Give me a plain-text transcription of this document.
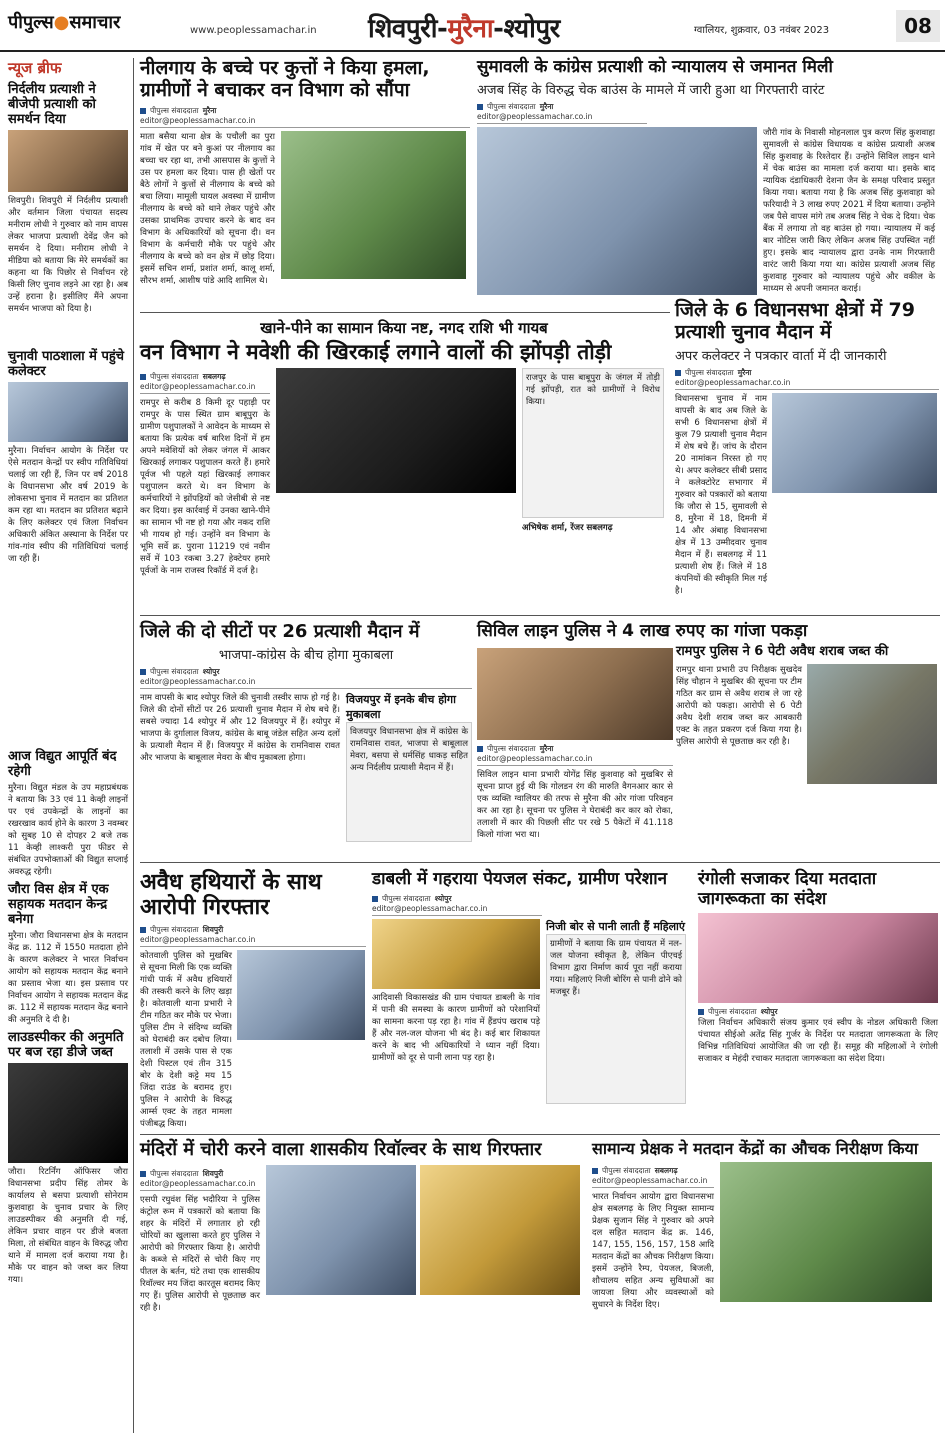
पीपुल्स●समाचार	www.peoplessamachar.in शिवपुरी-मुरैना-श्योपुर	ग्वालियर, शुक्रवार, 03 नवंबर 2023	08
न्यूज ब्रीफ
निर्दलीय प्रत्याशी ने बीजेपी प्रत्याशी को समर्थन दिया
शिवपुरी। शिवपुरी में निर्दलीय प्रत्याशी और वर्तमान जिला पंचायत सदस्य मनीराम लोधी ने गुरुवार को नाम वापस लेकर भाजपा प्रत्याशी देवेंद्र जैन को समर्थन दे दिया। मनीराम लोधी ने मीडिया को बताया कि मेरे समर्थकों का कहना था कि पिछोर से निर्वाचन रहे किसी लिए चुनाव लड़ने आ रहा है। अब उन्हें हराना है। इसीलिए मैंने अपना समर्थन भाजपा को दिया है।
चुनावी पाठशाला में पहुंचे कलेक्टर
मुरैना। निर्वाचन आयोग के निर्देश पर ऐसे मतदान केन्द्रों पर स्वीप गतिविधियां चलाई जा रही हैं, जिन पर वर्ष 2018 के विधानसभा और वर्ष 2019 के लोकसभा चुनाव में मतदान का प्रतिशत कम रहा था। मतदान का प्रतिशत बढ़ाने के लिए कलेक्टर एवं जिला निर्वाचन अधिकारी अंकित अस्थाना के निर्देश पर गांव-गांव स्वीप की गतिविधियां चलाई जा रही हैं।
आज विद्युत आपूर्ति बंद रहेगी
मुरैना। विद्युत मंडल के उप महाप्रबंधक ने बताया कि 33 एवं 11 केव्ही लाइनों पर एवं उपकेन्द्रों के लाइनों का रखरखाव कार्य होने के कारण 3 नवम्बर को सुबह 10 से दोपहर 2 बजे तक 11 केव्ही लाश्करी पुरा फीडर से संबंधित उपभोक्ताओं की विद्युत सप्लाई अवरुद्ध रहेगी।
जौरा विस क्षेत्र में एक सहायक मतदान केन्द्र बनेगा
मुरैना। जौरा विधानसभा क्षेत्र के मतदान केंद्र क्र. 112 में 1550 मतदाता होने के कारण कलेक्टर ने भारत निर्वाचन आयोग को सहायक मतदान केंद्र बनाने का प्रस्ताव भेजा था। इस प्रस्ताव पर निर्वाचन आयोग ने सहायक मतदान केंद्र क्र. 112 में सहायक मतदान केंद्र बनाने की अनुमति दे दी है।
लाउडस्पीकर की अनुमति पर बज रहा डीजे जब्त
जौरा। रिटर्निंग ऑफिसर जौरा विधानसभा प्रदीप सिंह तोमर के कार्यालय से बसपा प्रत्याशी सोनेराम कुशवाहा के चुनाव प्रचार के लिए लाउडस्पीकर की अनुमति दी गई, लेकिन प्रचार वाहन पर डीजे बजता मिला, तो संबंधित वाहन के विरुद्ध जौरा थाने में मामला दर्ज कराया गया है। मौके पर वाहन को जब्त कर लिया गया।
नीलगाय के बच्चे पर कुत्तों ने किया हमला, ग्रामीणों ने बचाकर वन विभाग को सौंपा
पीपुल्स संवाददाता मुरैना
editor@peoplessamachar.co.in
माता बसैया थाना क्षेत्र के पचौली का पुरा गांव में खेत पर बने कुआं पर नीलगाय का बच्चा चर रहा था, तभी आसपास के कुत्तों ने उस पर हमला कर दिया। पास ही खेतों पर बैठे लोगों ने कुत्तों से नीलगाय के बच्चे को बचा लिया। मामूली घायल अवस्था में ग्रामीण नीलगाय के बच्चे को थाने लेकर पहुंचे और उसका प्राथमिक उपचार करने के बाद वन विभाग के अधिकारियों को सूचना दी। वन विभाग के कर्मचारी मौके पर पहुंचे और नीलगाय के बच्चे को वन क्षेत्र में छोड़ दिया। इसमें सचिन शर्मा, प्रशांत शर्मा, कालू शर्मा, सौरभ शर्मा, आशीष पांडे आदि शामिल थे।
सुमावली के कांग्रेस प्रत्याशी को न्यायालय से जमानत मिली
अजब सिंह के विरुद्ध चेक बाउंस के मामले में जारी हुआ था गिरफ्तारी वारंट
पीपुल्स संवाददाता मुरैना
editor@peoplessamachar.co.in
जौरी गांव के निवासी मोहनलाल पुत्र करण सिंह कुशवाहा सुमावली से कांग्रेस विधायक व कांग्रेस प्रत्याशी अजब सिंह कुशवाह के रिश्तेदार हैं। उन्होंने सिविल लाइन थाने में चेक बाउंस का मामला दर्ज कराया था। इसके बाद न्यायिक दंडाधिकारी देशना जैन के समक्ष परिवाद प्रस्तुत किया गया। बताया गया है कि अजब सिंह कुशवाहा को फरियादी ने 3 लाख रुपए 2021 में दिया बताया। उन्होंने जब पैसे वापस मांगे तब अजब सिंह ने चेक दे दिया। चेक बैंक में लगाया तो वह बाउंस हो गया। न्यायालय में कई बार नोटिस जारी किए लेकिन अजब सिंह उपस्थित नहीं हुए। इसके बाद न्यायालय द्वारा उनके नाम गिरफ्तारी वारंट जारी किया गया था। कांग्रेस प्रत्याशी अजब सिंह कुशवाह गुरुवार को न्यायालय पहुंचे और वकील के माध्यम से अपनी जमानत कराई।
खाने-पीने का सामान किया नष्ट, नगद राशि भी गायब
वन विभाग ने मवेशी की खिरकाई लगाने वालों की झोंपड़ी तोड़ी
पीपुल्स संवाददाता सबलगढ़
editor@peoplessamachar.co.in
रामपुर से करीब 8 किमी दूर पहाड़ी पर रामपुर के पास स्थित ग्राम बाबूपुरा के ग्रामीण पशुपालकों ने आवेदन के माध्यम से बताया कि प्रत्येक वर्ष बारिश दिनों में हम अपने मवेशियों को लेकर जंगल में आकर खिरकाई लगाकर पशुपालन करते हैं। हमारे पूर्वज भी पहले यहां खिरकाई लगाकर पशुपालन करते थे। वन विभाग के कर्मचारियों ने झोंपड़ियों को जेसीबी से नष्ट कर दिया। इस कार्रवाई में उनका खाने-पीने का सामान भी नष्ट हो गया और नकद राशि भी गायब हो गई। उन्होंने वन विभाग के भूमि सर्वे क्र. पुराना 11219 एवं नवीन सर्वे में 103 रकबा 3.27 हेक्टेयर हमारे पूर्वजों के नाम राजस्व रिकॉर्ड में दर्ज है।
राजपुर के पास बाबूपुरा के जंगल में तोड़ी गई झोंपड़ी, रात को ग्रामीणों ने विरोध किया।
अभिषेक शर्मा, रेंजर सबलगढ़
जिले के 6 विधानसभा क्षेत्रों में 79 प्रत्याशी चुनाव मैदान में
अपर कलेक्टर ने पत्रकार वार्ता में दी जानकारी
पीपुल्स संवाददाता मुरैना
editor@peoplessamachar.co.in
विधानसभा चुनाव में नाम वापसी के बाद अब जिले के सभी 6 विधानसभा क्षेत्रों में कुल 79 प्रत्याशी चुनाव मैदान में शेष बचे हैं। जांच के दौरान 20 नामांकन निरस्त हो गए थे। अपर कलेक्टर सीबी प्रसाद ने कलेक्टोरेट सभागार में गुरुवार को पत्रकारों को बताया कि जौरा से 15, सुमावली से 8, मुरैना में 18, दिमनी में 14 और अंबाह विधानसभा क्षेत्र में 13 उम्मीदवार चुनाव मैदान में हैं। सबलगढ़ में 11 प्रत्याशी शेष हैं। जिले में 18 कंपनियों की स्वीकृति मिल गई है।
जिले की दो सीटों पर 26 प्रत्याशी मैदान में
भाजपा-कांग्रेस के बीच होगा मुकाबला
पीपुल्स संवाददाता श्योपुर
editor@peoplessamachar.co.in
नाम वापसी के बाद श्योपुर जिले की चुनावी तस्वीर साफ हो गई है। जिले की दोनों सीटों पर 26 प्रत्याशी चुनाव मैदान में शेष बचे हैं। सबसे ज्यादा 14 श्योपुर में और 12 विजयपुर में हैं। श्योपुर में भाजपा के दुर्गालाल विजय, कांग्रेस के बाबू जंडेल सहित अन्य दलों के प्रत्याशी मैदान में हैं। विजयपुर में कांग्रेस के रामनिवास रावत और भाजपा के बाबूलाल मेवरा के बीच मुकाबला होगा।
विजयपुर में इनके बीच होगा मुकाबला
विजयपुर विधानसभा क्षेत्र में कांग्रेस के रामनिवास रावत, भाजपा से बाबूलाल मेवरा, बसपा से धर्मसिंह धाकड़ सहित अन्य निर्दलीय प्रत्याशी मैदान में हैं।
सिविल लाइन पुलिस ने 4 लाख रुपए का गांजा पकड़ा
पीपुल्स संवाददाता मुरैना
editor@peoplessamachar.co.in
सिविल लाइन थाना प्रभारी योगेंद्र सिंह कुशवाह को मुखबिर से सूचना प्राप्त हुई थी कि गोलडन रंग की मारुति वैगनआर कार से एक व्यक्ति ग्वालियर की तरफ से मुरैना की ओर गांजा परिवहन कर आ रहा है। सूचना पर पुलिस ने घेराबंदी कर कार को रोका, तलाशी में कार की पिछली सीट पर रखे 5 पैकेटों में 41.118 किलो गांजा भरा था।
रामपुर पुलिस ने 6 पेटी अवैध शराब जब्त की
रामपुर थाना प्रभारी उप निरीक्षक सुखदेव सिंह चौहान ने मुखबिर की सूचना पर टीम गठित कर ग्राम से अवैध शराब ले जा रहे आरोपी को पकड़ा। आरोपी से 6 पेटी अवैध देशी शराब जब्त कर आबकारी एक्ट के तहत प्रकरण दर्ज किया गया है। पुलिस आरोपी से पूछताछ कर रही है।
अवैध हथियारों के साथ आरोपी गिरफ्तार
पीपुल्स संवाददाता शिवपुरी
editor@peoplessamachar.co.in
कोतवाली पुलिस को मुखबिर से सूचना मिली कि एक व्यक्ति गांधी पार्क में अवैध हथियारों की तस्करी करने के लिए खड़ा है। कोतवाली थाना प्रभारी ने टीम गठित कर मौके पर भेजा। पुलिस टीम ने संदिग्ध व्यक्ति को घेराबंदी कर दबोच लिया। तलाशी में उसके पास से एक देशी पिस्टल एवं तीन 315 बोर के देशी कट्टे मय 15 जिंदा राउंड के बरामद हुए। पुलिस ने आरोपी के विरुद्ध आर्म्स एक्ट के तहत मामला पंजीबद्ध किया।
डाबली में गहराया पेयजल संकट, ग्रामीण परेशान
पीपुल्स संवाददाता श्योपुर
editor@peoplessamachar.co.in
आदिवासी विकासखंड की ग्राम पंचायत डाबली के गांव में पानी की समस्या के कारण ग्रामीणों को परेशानियों का सामना करना पड़ रहा है। गांव में हैंडपंप खराब पड़े हैं और नल-जल योजना भी बंद है। कई बार शिकायत करने के बाद भी अधिकारियों ने ध्यान नहीं दिया। ग्रामीणों को दूर से पानी लाना पड़ रहा है।
निजी बोर से पानी लाती हैं महिलाएं
ग्रामीणों ने बताया कि ग्राम पंचायत में नल-जल योजना स्वीकृत है, लेकिन पीएचई विभाग द्वारा निर्माण कार्य पूरा नहीं कराया गया। महिलाएं निजी बोरिंग से पानी ढोने को मजबूर हैं।
रंगोली सजाकर दिया मतदाता जागरूकता का संदेश
पीपुल्स संवाददाता श्योपुर
जिला निर्वाचन अधिकारी संजय कुमार एवं स्वीप के नोडल अधिकारी जिला पंचायत सीईओ अतेंद्र सिंह गुर्जर के निर्देश पर मतदाता जागरूकता के लिए विभिन्न गतिविधियां आयोजित की जा रही हैं। समूह की महिलाओं ने रंगोली सजाकर व मेहंदी रचाकर मतदाता जागरूकता का संदेश दिया।
मंदिरों में चोरी करने वाला शासकीय रिवॉल्वर के साथ गिरफ्तार
पीपुल्स संवाददाता शिवपुरी
editor@peoplessamachar.co.in
एसपी रघुवंश सिंह भदौरिया ने पुलिस कंट्रोल रूम में पत्रकारों को बताया कि शहर के मंदिरों में लगातार हो रही चोरियों का खुलासा करते हुए पुलिस ने आरोपी को गिरफ्तार किया है। आरोपी के कब्जे से मंदिरों से चोरी किए गए पीतल के बर्तन, घंटे तथा एक शासकीय रिवॉल्वर मय जिंदा कारतूस बरामद किए गए हैं। पुलिस आरोपी से पूछताछ कर रही है।
सामान्य प्रेक्षक ने मतदान केंद्रों का औचक निरीक्षण किया
पीपुल्स संवाददाता सबलगढ़
editor@peoplessamachar.co.in
भारत निर्वाचन आयोग द्वारा विधानसभा क्षेत्र सबलगढ़ के लिए नियुक्त सामान्य प्रेक्षक सुजान सिंह ने गुरुवार को अपने दल सहित मतदान केंद्र क्र. 146, 147, 155, 156, 157, 158 आदि मतदान केंद्रों का औचक निरीक्षण किया। इसमें उन्होंने रैम्प, पेयजल, बिजली, शौचालय सहित अन्य सुविधाओं का जायजा लिया और व्यवस्थाओं को सुधारने के निर्देश दिए।
